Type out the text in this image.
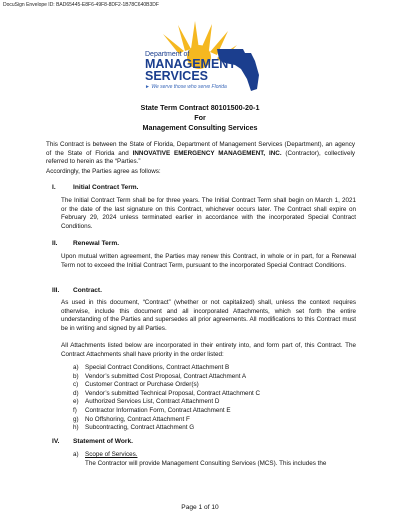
DocuSign Envelope ID: BAD65445-E8F6-49F8-8DF2-1B78C640B3DF
Department of
MANAGEMENT
SERVICES
► We serve those who serve Florida
State Term Contract 80101500-20-1
For
Management Consulting Services
This Contract is between the State of Florida, Department of Management Services (Department), an agency of the State of Florida and INNOVATIVE EMERGENCY MANAGEMENT, INC. (Contractor), collectively referred to herein as the “Parties.”
Accordingly, the Parties agree as follows:
I.	Initial Contract Term.
The Initial Contract Term shall be for three years. The Initial Contract Term shall begin on March 1, 2021 or the date of the last signature on this Contract, whichever occurs later. The Contract shall expire on February 29, 2024 unless terminated earlier in accordance with the incorporated Special Contract Conditions.
II. Renewal Term.
Upon mutual written agreement, the Parties may renew this Contract, in whole or in part, for a Renewal Term not to exceed the Initial Contract Term, pursuant to the incorporated Special Contract Conditions.
III. Contract.
As used in this document, “Contract” (whether or not capitalized) shall, unless the context requires otherwise, include this document and all incorporated Attachments, which set forth the entire understanding of the Parties and supersedes all prior agreements. All modifications to this Contract must be in writing and signed by all Parties.
All Attachments listed below are incorporated in their entirety into, and form part of, this Contract. The Contract Attachments shall have priority in the order listed:
a) Special Contract Conditions, Contract Attachment B
b) Vendor’s submitted Cost Proposal, Contract Attachment A
c) Customer Contract or Purchase Order(s)
d) Vendor’s submitted Technical Proposal, Contract Attachment C
e) Authorized Services List, Contract Attachment D
f) Contractor Information Form, Contract Attachment E
g) No Offshoring, Contract Attachment F
h) Subcontracting, Contract Attachment G
IV. Statement of Work.
a) Scope of Services.
The Contractor will provide Management Consulting Services (MCS). This includes the
Page 1 of 10
